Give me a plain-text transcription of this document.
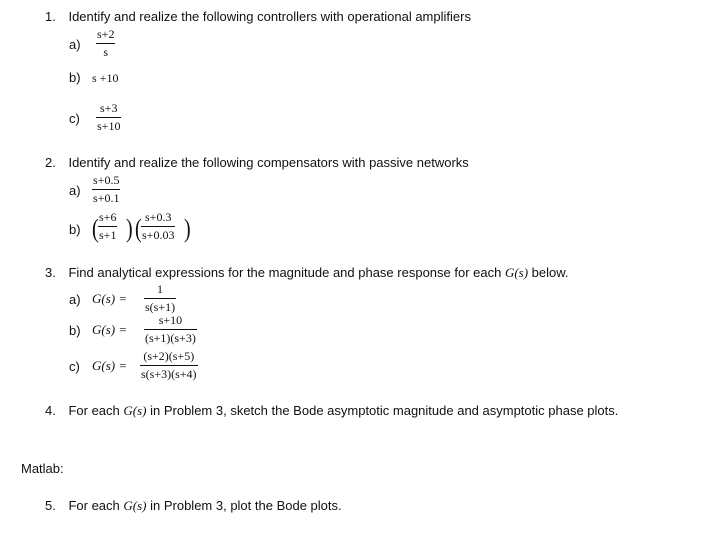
1. Identify and realize the following controllers with operational amplifiers
a)
s+2
s
b) s +10
c)
s+3
s+10
2. Identify and realize the following compensators with passive networks
a)
s+0.5
s+0.1
b) ( s+6
s+1 ) ( s+0.3
s+0.03 )
3. Find analytical expressions for the magnitude and phase response for each G(s) below.
a) G(s) =
1
s(s+1)
b) G(s) =
s+10
(s+1)(s+3)
c) G(s) =
(s+2)(s+5)
s(s+3)(s+4)
4. For each G(s) in Problem 3, sketch the Bode asymptotic magnitude and asymptotic phase plots.
Matlab:
5. For each G(s) in Problem 3, plot the Bode plots.
